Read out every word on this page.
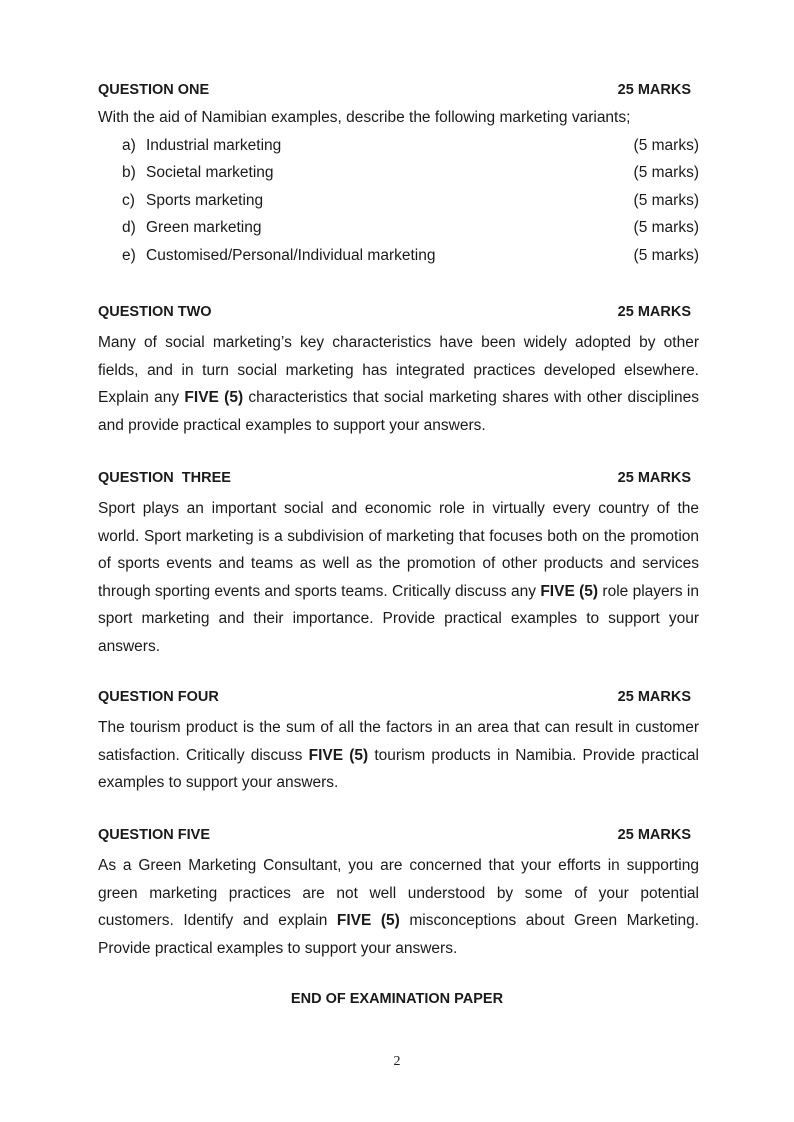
QUESTION ONE	25 MARKS
With the aid of Namibian examples, describe the following marketing variants;
a) Industrial marketing	(5 marks)
b) Societal marketing	(5 marks)
c) Sports marketing	(5 marks)
d) Green marketing	(5 marks)
e) Customised/Personal/Individual marketing	(5 marks)
QUESTION TWO	25 MARKS
Many of social marketing’s key characteristics have been widely adopted by other fields, and in turn social marketing has integrated practices developed elsewhere. Explain any FIVE (5) characteristics that social marketing shares with other disciplines and provide practical examples to support your answers.
QUESTION  THREE	25 MARKS
Sport plays an important social and economic role in virtually every country of the world. Sport marketing is a subdivision of marketing that focuses both on the promotion of sports events and teams as well as the promotion of other products and services through sporting events and sports teams. Critically discuss any FIVE (5) role players in sport marketing and their importance. Provide practical examples to support your answers.
QUESTION FOUR	25 MARKS
The tourism product is the sum of all the factors in an area that can result in customer satisfaction. Critically discuss FIVE (5) tourism products in Namibia. Provide practical examples to support your answers.
QUESTION FIVE	25 MARKS
As a Green Marketing Consultant, you are concerned that your efforts in supporting green marketing practices are not well understood by some of your potential customers. Identify and explain FIVE (5) misconceptions about Green Marketing. Provide practical examples to support your answers.
END OF EXAMINATION PAPER
2
